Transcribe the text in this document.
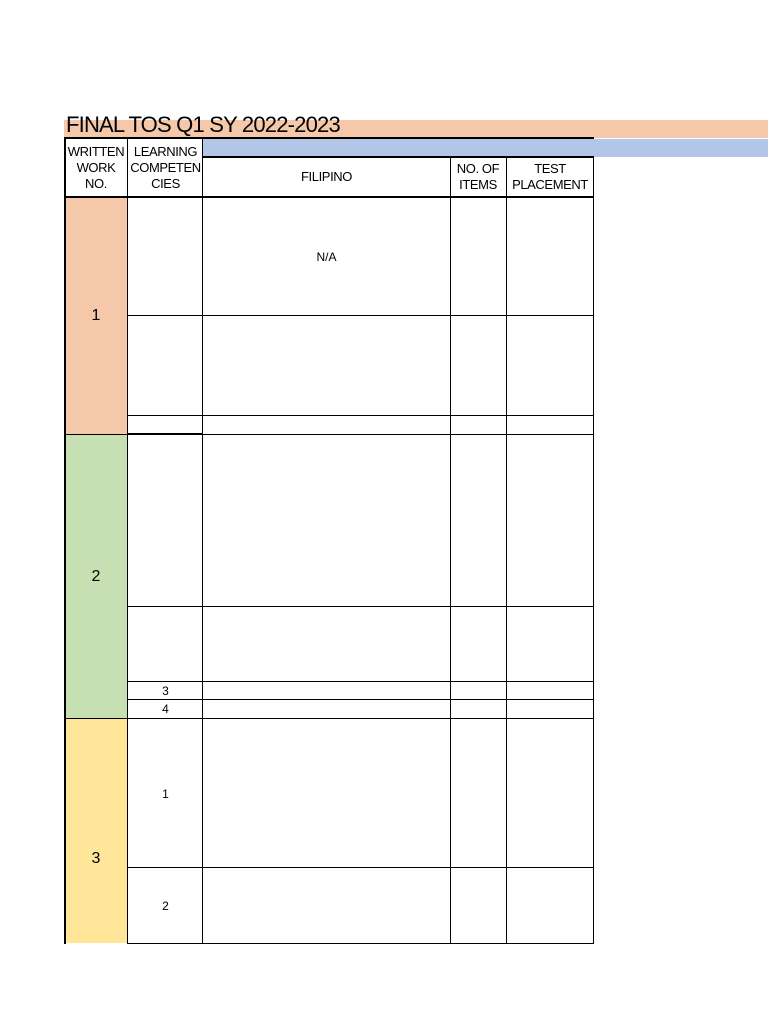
FINAL TOS Q1 SY 2022-2023
WRITTEN
WORK
NO.
LEARNING
COMPETEN
CIES	FILIPINO
NO. OF
ITEMS
TEST
PLACEMENT
1
2
3
N/A
3
4
1
2
